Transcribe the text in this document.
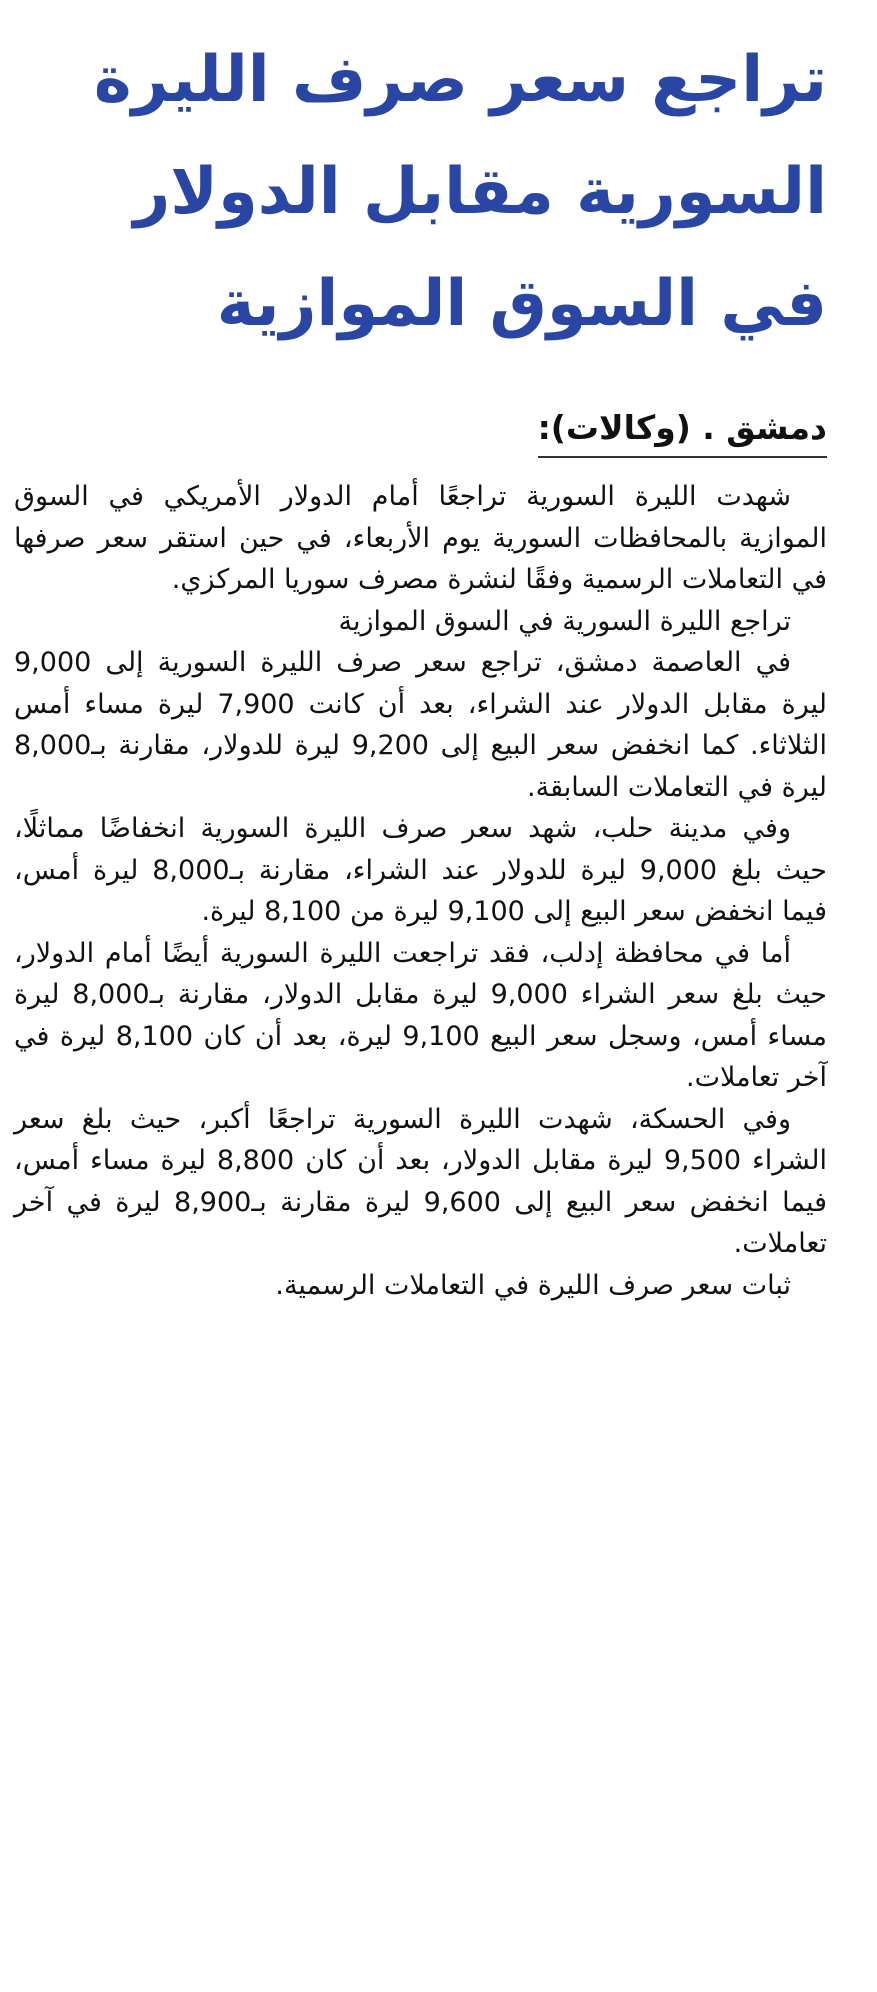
تراجع سعر صرف الليرة
السورية مقابل الدولار
في السوق الموازية
دمشق . (وكالات):

شهدت الليرة السورية تراجعًا أمام الدولار الأمريكي في السوق الموازية بالمحافظات السورية يوم الأربعاء، في حين استقر سعر صرفها في التعاملات الرسمية وفقًا لنشرة مصرف سوريا المركزي.

تراجع الليرة السورية في السوق الموازية

في العاصمة دمشق، تراجع سعر صرف الليرة السورية إلى 9,000 ليرة مقابل الدولار عند الشراء، بعد أن كانت 7,900 ليرة مساء أمس الثلاثاء. كما انخفض سعر البيع إلى 9,200 ليرة للدولار، مقارنة بـ8,000 ليرة في التعاملات السابقة.

وفي مدينة حلب، شهد سعر صرف الليرة السورية انخفاضًا مماثلًا، حيث بلغ 9,000 ليرة للدولار عند الشراء، مقارنة بـ8,000 ليرة أمس، فيما انخفض سعر البيع إلى 9,100 ليرة من 8,100 ليرة.

أما في محافظة إدلب، فقد تراجعت الليرة السورية أيضًا أمام الدولار، حيث بلغ سعر الشراء 9,000 ليرة مقابل الدولار، مقارنة بـ8,000 ليرة مساء أمس، وسجل سعر البيع 9,100 ليرة، بعد أن كان 8,100 ليرة في آخر تعاملات.

وفي الحسكة، شهدت الليرة السورية تراجعًا أكبر، حيث بلغ سعر الشراء 9,500 ليرة مقابل الدولار، بعد أن كان 8,800 ليرة مساء أمس، فيما انخفض سعر البيع إلى 9,600 ليرة مقارنة بـ8,900 ليرة في آخر تعاملات.

ثبات سعر صرف الليرة في التعاملات الرسمية.
